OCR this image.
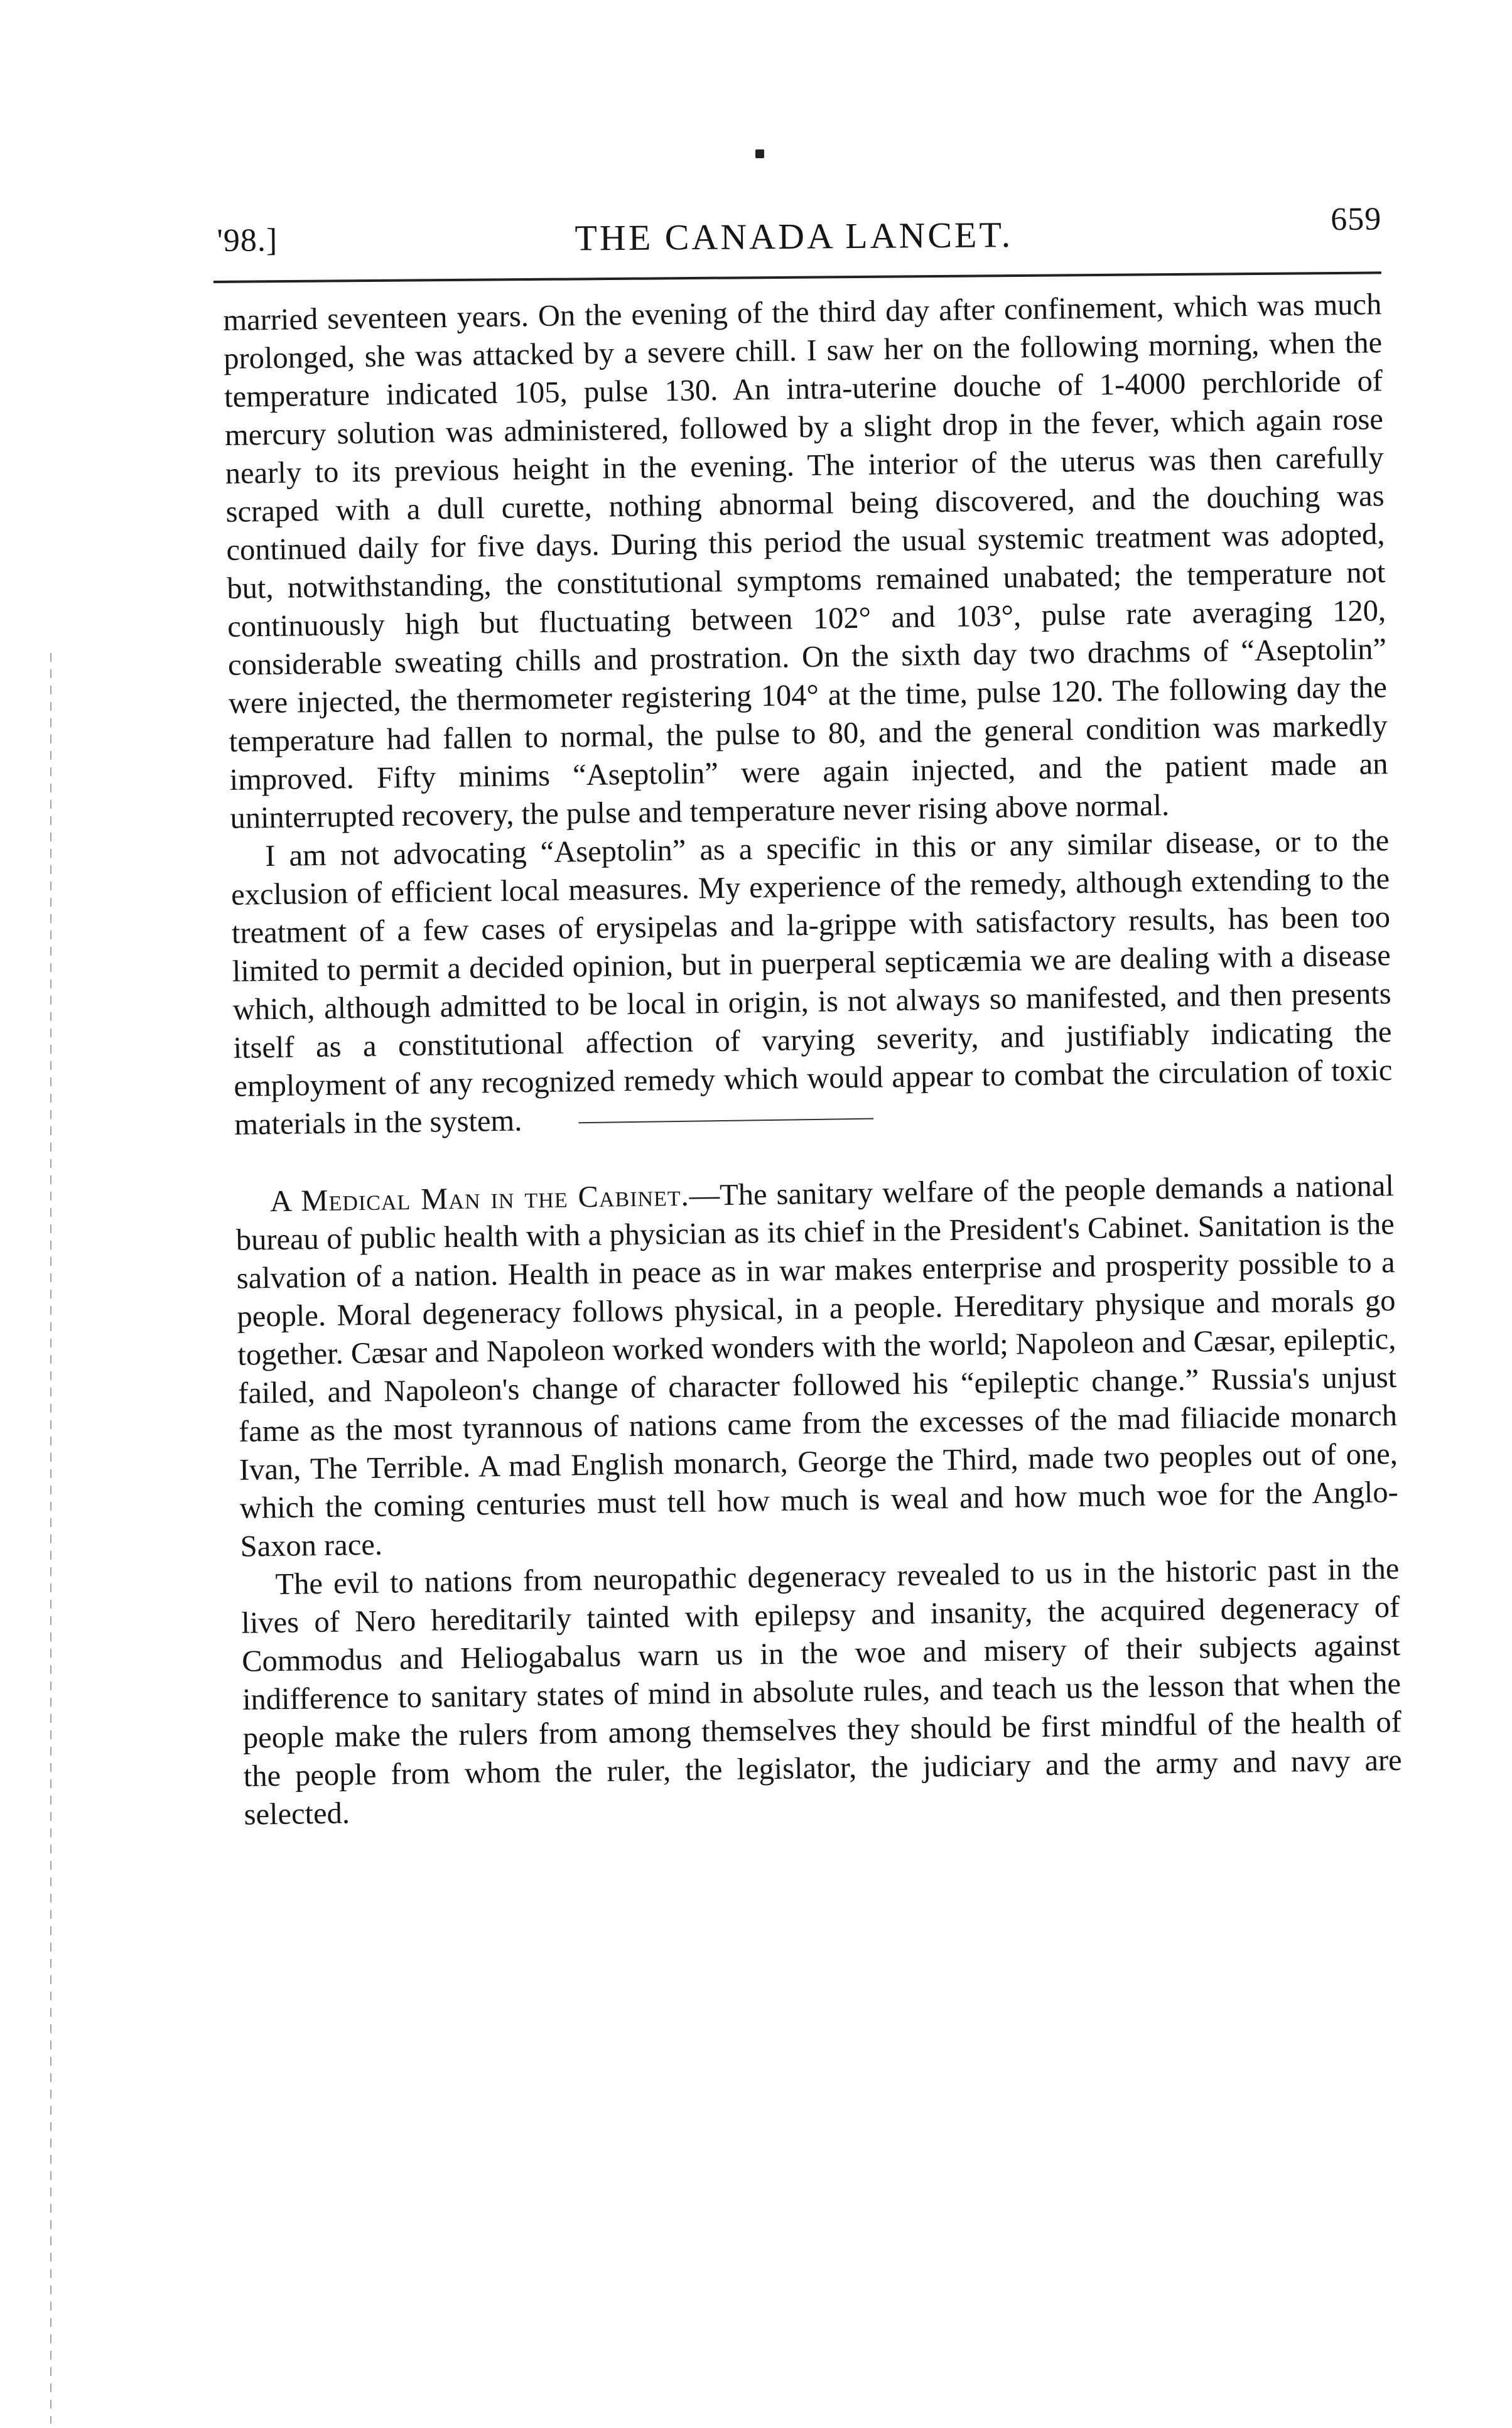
'98.]	THE CANADA LANCET.	659

married seventeen years. On the evening of the third day after confinement, which was much prolonged, she was attacked by a severe chill. I saw her on the following morning, when the temperature indicated 105, pulse 130. An intra-uterine douche of 1-4000 perchloride of mercury solution was administered, followed by a slight drop in the fever, which again rose nearly to its previous height in the evening. The interior of the uterus was then carefully scraped with a dull curette, nothing abnormal being discovered, and the douching was continued daily for five days. During this period the usual systemic treatment was adopted, but, notwithstanding, the constitutional symptoms remained unabated; the temperature not continuously high but fluctuating between 102° and 103°, pulse rate averaging 120, considerable sweating chills and prostration. On the sixth day two drachms of “Aseptolin” were injected, the thermometer registering 104° at the time, pulse 120. The following day the temperature had fallen to normal, the pulse to 80, and the general condition was markedly improved. Fifty minims “Aseptolin” were again injected, and the patient made an uninterrupted recovery, the pulse and temperature never rising above normal.

I am not advocating “Aseptolin” as a specific in this or any similar disease, or to the exclusion of efficient local measures. My experience of the remedy, although extending to the treatment of a few cases of erysipelas and la-grippe with satisfactory results, has been too limited to permit a decided opinion, but in puerperal septicæmia we are dealing with a disease which, although admitted to be local in origin, is not always so manifested, and then presents itself as a constitutional affection of varying severity, and justifiably indicating the employment of any recognized remedy which would appear to combat the circulation of toxic materials in the system.

A Medical Man in the Cabinet.—The sanitary welfare of the people demands a national bureau of public health with a physician as its chief in the President's Cabinet. Sanitation is the salvation of a nation. Health in peace as in war makes enterprise and prosperity possible to a people. Moral degeneracy follows physical, in a people. Hereditary physique and morals go together. Cæsar and Napoleon worked wonders with the world; Napoleon and Cæsar, epileptic, failed, and Napoleon's change of character followed his “epileptic change.” Russia's unjust fame as the most tyrannous of nations came from the excesses of the mad filiacide monarch Ivan, The Terrible. A mad English monarch, George the Third, made two peoples out of one, which the coming centuries must tell how much is weal and how much woe for the Anglo-Saxon race.

The evil to nations from neuropathic degeneracy revealed to us in the historic past in the lives of Nero hereditarily tainted with epilepsy and insanity, the acquired degeneracy of Commodus and Heliogabalus warn us in the woe and misery of their subjects against indifference to sanitary states of mind in absolute rules, and teach us the lesson that when the people make the rulers from among themselves they should be first mindful of the health of the people from whom the ruler, the legislator, the judiciary and the army and navy are selected.
